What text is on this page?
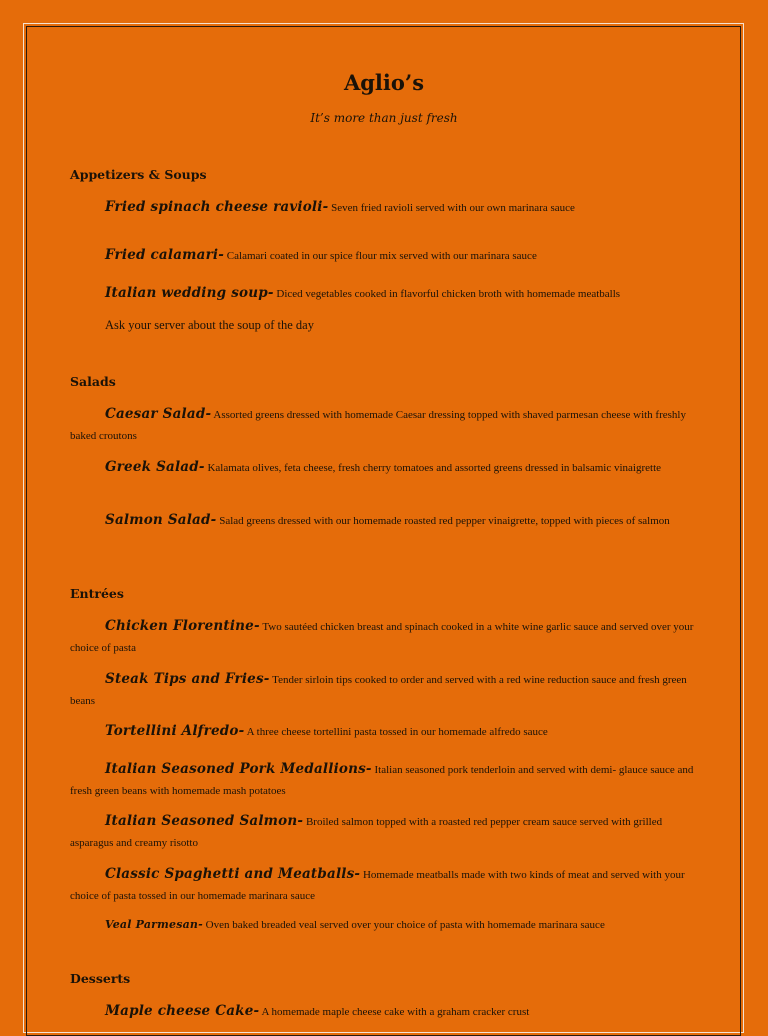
Aglio’s
It’s more than just fresh
Appetizers & Soups
Fried spinach cheese ravioli- Seven fried ravioli served with our own marinara sauce
Fried calamari- Calamari coated in our spice flour mix served with our marinara sauce
Italian wedding soup- Diced vegetables cooked in flavorful chicken broth with homemade meatballs
Ask your server about the soup of the day
Salads
Caesar Salad- Assorted greens dressed with homemade Caesar dressing topped with shaved parmesan cheese with freshly baked croutons
Greek Salad- Kalamata olives, feta cheese, fresh cherry tomatoes and assorted greens dressed in balsamic vinaigrette
Salmon Salad- Salad greens dressed with our homemade roasted red pepper vinaigrette, topped with pieces of salmon
Entrées
Chicken Florentine- Two sautéed chicken breast and spinach cooked in a white wine garlic sauce and served over your choice of pasta
Steak Tips and Fries- Tender sirloin tips cooked to order and served with a red wine reduction sauce and fresh green beans
Tortellini Alfredo- A three cheese tortellini pasta tossed in our homemade alfredo sauce
Italian Seasoned Pork Medallions- Italian seasoned pork tenderloin and served with demi- glauce sauce and fresh green beans with homemade mash potatoes
Italian Seasoned Salmon- Broiled salmon topped with a roasted red pepper cream sauce served with grilled asparagus and creamy risotto
Classic Spaghetti and Meatballs- Homemade meatballs made with two kinds of meat and served with your choice of pasta tossed in our homemade marinara sauce
Veal Parmesan- Oven baked breaded veal served over your choice of pasta with homemade marinara sauce
Desserts
Maple cheese Cake- A homemade maple cheese cake with a graham cracker crust
